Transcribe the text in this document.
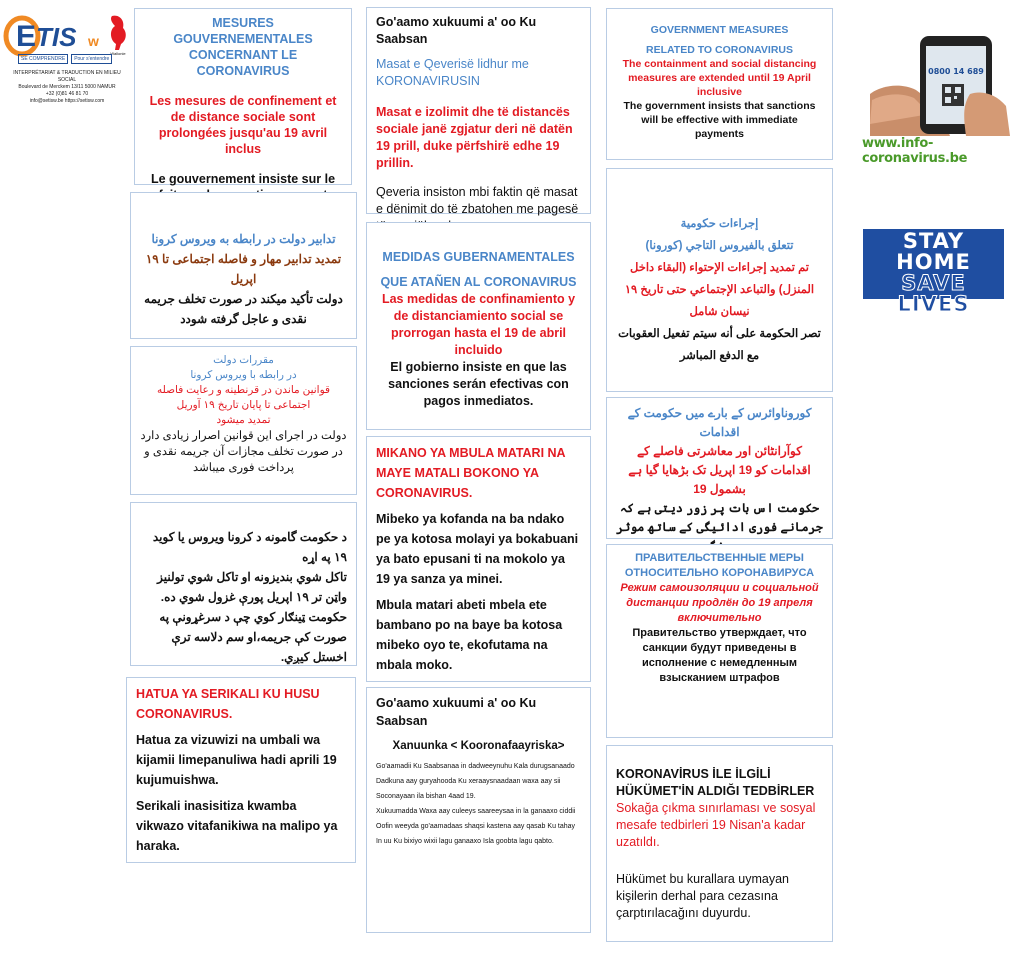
E TIS w
Wallonie
SE COMPRENDRE	Pour s'entendre
INTERPRÉTARIAT & TRADUCTION EN MILIEU SOCIAL
Boulevard de Merckem 13/11 5000 NAMUR
+32 (0)81 46 81 70
info@setisw.be https://setisw.com

MESURES GOUVERNEMENTALES CONCERNANT LE CORONAVIRUS

Les mesures de confinement et de distance sociale sont prolongées jusqu'au 19 avril inclus

Le gouvernement insiste sur le

Go'aamo xukuumi a' oo Ku Saabsan

Masat e Qeverisë lidhur me KORONAVIRUSIN

Masat e izolimit dhe të distancës sociale janë zgjatur deri në datën 19 prill, duke përfshirë edhe 19 prillin.

Qeveria insiston mbi faktin që masat e dënimit do të zbatohen me pagesë

GOVERNMENT MEASURES

RELATED TO CORONAVIRUS

The containment and social distancing measures are extended until 19 April inclusive

The government insists that sanctions will be effective with immediate payments

0800 14 689
www.info-coronavirus.be
STAY
HOME
SAVE LIVES

تدابیر دولت در رابطه به ویروس کرونا

تمدید تدابیر مهار و فاصله اجتماعی تا ۱۹ اپریل

دولت تأکید میکند در صورت تخلف جریمه نقدی و عاجل گرفته شودد

MEDIDAS GUBERNAMENTALES

QUE ATAÑEN AL CORONAVIRUS

Las medidas de confinamiento y de distanciamiento social se prorrogan hasta el 19 de abril incluido

El gobierno insiste en que las sanciones serán efectivas con pagos inmediatos.

إجراءات حكومية

تتعلق بالفيروس التاجي (كورونا)

تم تمديد إجراءات الإحتواء (البقاء داخل المنزل) والتباعد الإجتماعي حتى تاريخ ١٩ نيسان شامل

تصر الحكومة على أنه سيتم تفعيل العقوبات مع الدفع المباشر

مقررات دولت

در رابطه با ویروس کرونا

قوانین ماندن در قرنطینه و رعایت فاصله اجتماعی تا پایان تاریخ ۱۹ آوریل

تمدید میشود

دولت در اجرای این قوانین اصرار زیادی دارد در صورت تخلف مجازات آن جریمه نقدی و پرداخت فوری میباشد

کوروناوائرس کے بارے میں حکومت کے اقدامات

کوآرانٹائن اور معاشرتی فاصلے کے اقدامات کو 19 اپریل تک بڑھایا گیا ہے بشمول 19

حکومت اس بات پر زور دیتی ہے کہ جرمانے فوری ادائیگی کے ساتھ موثر

MIKANO YA MBULA MATARI NA MAYE MATALI BOKONO YA CORONAVIRUS.

Mibeko ya kofanda na ba ndako pe ya kotosa molayi ya bokabuani ya bato epusani ti na mokolo ya 19 ya sanza ya minei.

Mbula matari abeti mbela ete bambano po na baye ba kotosa mibeko oyo te, ekofutama na mbala moko.

د حکومت گامونه د کرونا ویروس یا کوید ۱۹ په اړه

تاکل شوي بندیزونه او تاکل شوي تولنیز واټن تر ۱۹ اپریل پورې غزول شوي ده.

حکومت ټینګار کوي چې د سرغړونې په صورت کې جریمه،او سم دلاسه ترې اخستل کیږي.

ПРАВИТЕЛЬСТВЕННЫЕ МЕРЫ ОТНОСИТЕЛЬНО КОРОНАВИРУСА

Режим самоизоляции и социальной дистанции продлён до 19 апреля включительно

Правительство утверждает, что санкции будут приведены в исполнение с немедленным взысканием штрафов

HATUA YA SERIKALI KU HUSU CORONAVIRUS.

Hatua za vizuwizi na umbali wa kijamii limepanuliwa hadi aprili 19 kujumuishwa.

Serikali inasisitiza kwamba vikwazo vitafanikiwa na malipo ya haraka.

Go'aamo xukuumi a' oo Ku Saabsan

Xanuunka < Kooronafaayriska>

Go'aamadii Ku Saabsanaa in dadweeynuhu Kala durugsanaado

Dadkuna aay guryahooda Ku xeraaysnaadaan waxa aay sii

Soconayaan ila bishan 4aad 19.

Xukuumadda Waxa aay culeeys saareeysaa in la ganaaxo ciddii

Oofin weeyda go'aamadaas shaqsi kastena aay qasab Ku tahay

In uu Ku bixiyo wixii lagu ganaaxo Isla goobta lagu qabto.

KORONAVİRUS İLE İLGİLİ HÜKÜMET'İN ALDIĞI TEDBİRLER

Sokağa çıkma sınırlaması ve sosyal mesafe tedbirleri 19 Nisan'a kadar uzatıldı.

Hükümet bu kurallara uymayan kişilerin derhal para cezasına çarptırılacağını duyurdu.
